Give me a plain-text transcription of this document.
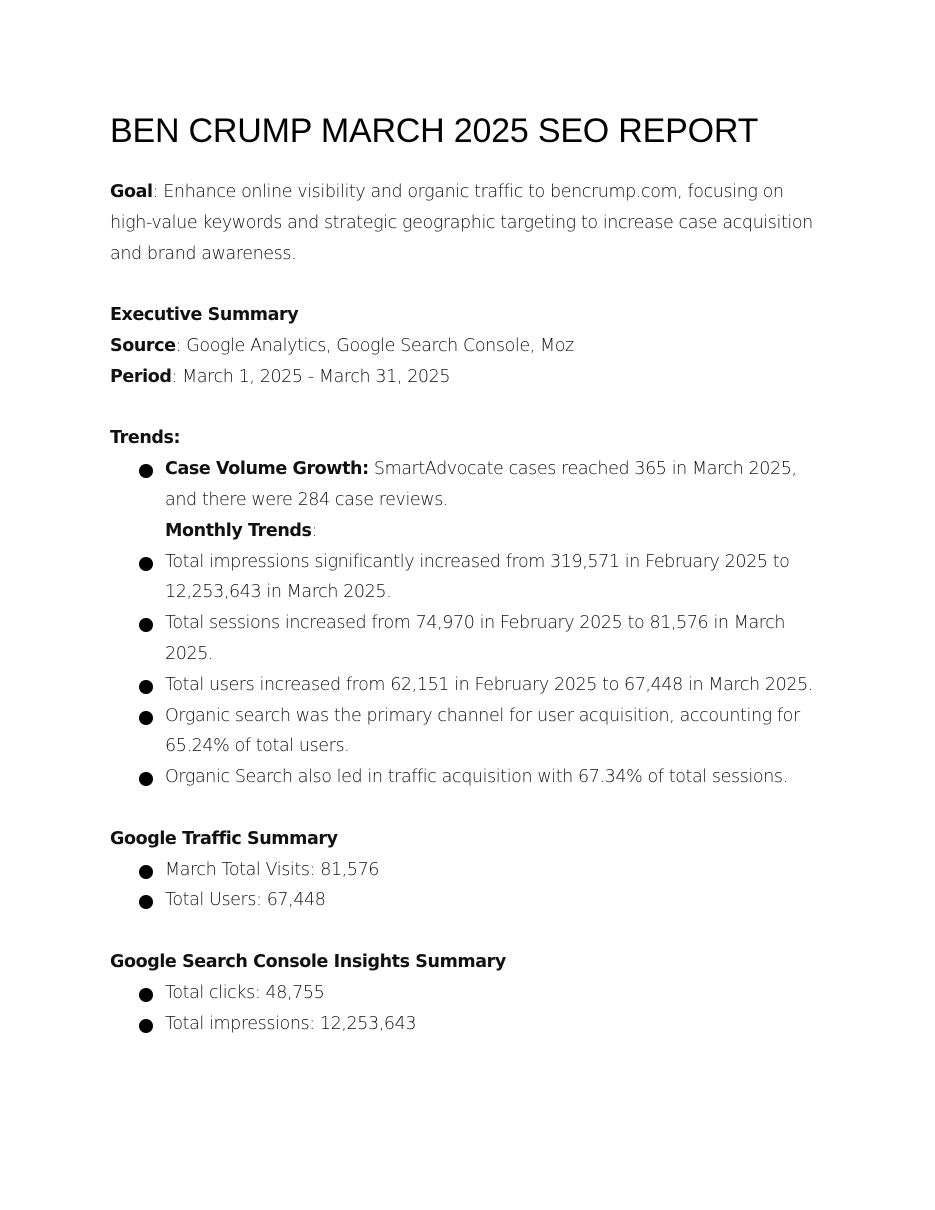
BEN CRUMP MARCH 2025 SEO REPORT

Goal: Enhance online visibility and organic traffic to bencrump.com, focusing on high-value keywords and strategic geographic targeting to increase case acquisition and brand awareness.

Executive Summary

Source: Google Analytics, Google Search Console, Moz

Period: March 1, 2025 - March 31, 2025

Trends:

Case Volume Growth: SmartAdvocate cases reached 365 in March 2025, and there were 284 case reviews.

Monthly Trends:

Total impressions significantly increased from 319,571 in February 2025 to 12,253,643 in March 2025.
Total sessions increased from 74,970 in February 2025 to 81,576 in March 2025.
Total users increased from 62,151 in February 2025 to 67,448 in March 2025.
Organic search was the primary channel for user acquisition, accounting for 65.24% of total users.
Organic Search also led in traffic acquisition with 67.34% of total sessions.

Google Traffic Summary

March Total Visits: 81,576
Total Users: 67,448

Google Search Console Insights Summary

Total clicks: 48,755
Total impressions: 12,253,643
